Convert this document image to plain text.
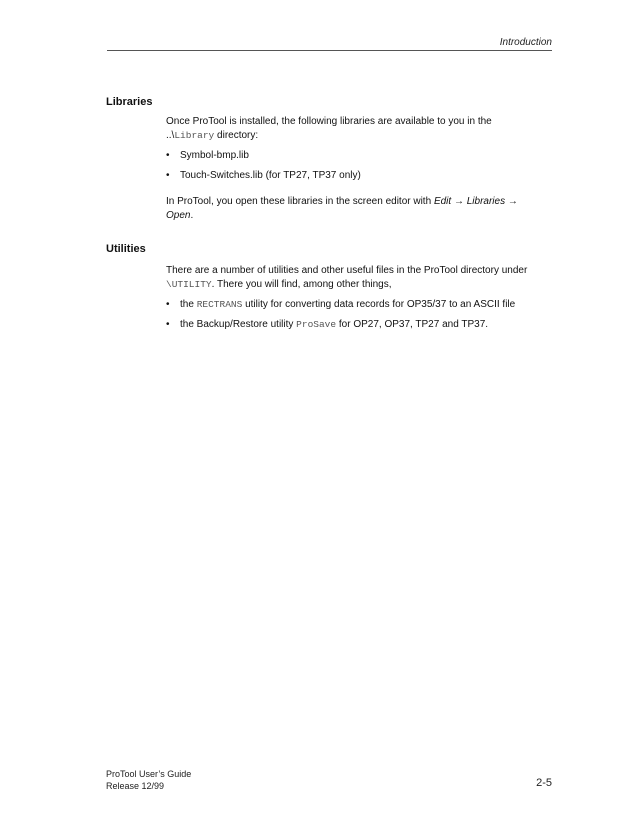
Introduction
Libraries

Once ProTool is installed, the following libraries are available to you in the
..\Library directory:

• Symbol-bmp.lib
• Touch-Switches.lib (for TP27, TP37 only)

In ProTool, you open these libraries in the screen editor with Edit → Libraries →
Open.

Utilities

There are a number of utilities and other useful files in the ProTool directory under
\UTILITY. There you will find, among other things,

• the RECTRANS utility for converting data records for OP35/37 to an ASCII file
• the Backup/Restore utility ProSave for OP27, OP37, TP27 and TP37.
ProTool User’s Guide
Release 12/99	2-5
